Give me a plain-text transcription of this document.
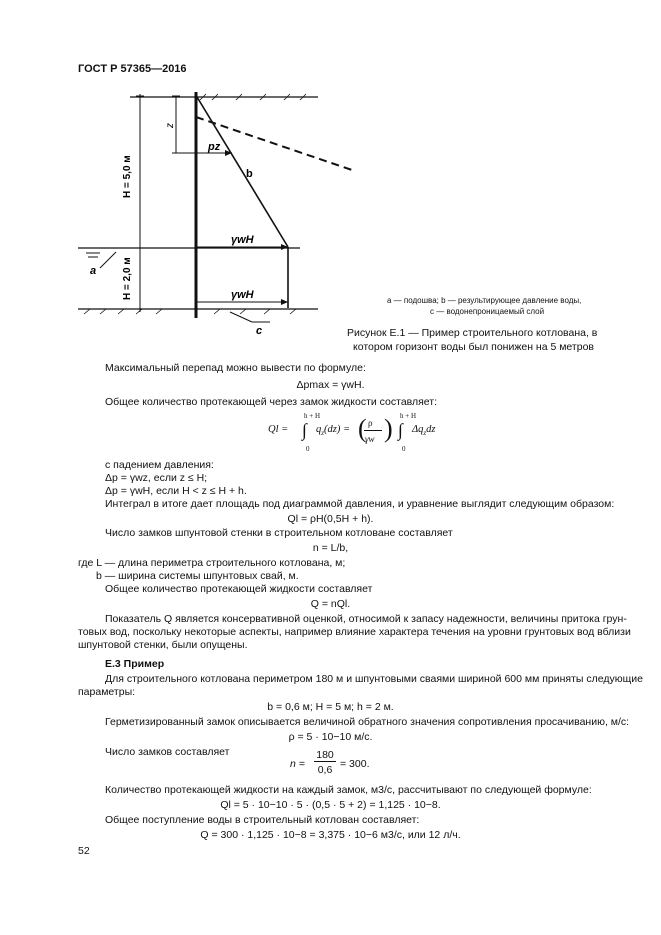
ГОСТ Р 57365—2016
z
pz
b
H = 5,0 м
γwH
a	H = 2,0 м	γwH
c
a — подошва; b — результирующее давление воды,
c — водонепроницаемый слой
Рисунок Е.1 — Пример строительного котлована, в
котором горизонт воды был понижен на 5 метров
Максимальный перепад можно вывести по формуле:
Δpmax = γwH.
Общее количество протекающей через замок жидкости составляет:
Ql =
h + H
∫
0
$q_z(dz)$ = ( ρ
γw ) h + H
∫
0
$\Delta q_zdz$
с падением давления:
Δp = γwz, если z ≤ H;
Δp = γwH, если H < z ≤ H + h.
Интеграл в итоге дает площадь под диаграммой давления, и уравнение выглядит следующим образом:
Ql = ρH(0,5H + h).
Число замков шпунтовой стенки в строительном котловане составляет
n = L/b,
где L — длина периметра строительного котлована, м;
b — ширина системы шпунтовых свай, м.
Общее количество протекающей жидкости составляет
Q = nQl.
Показатель Q является консервативной оценкой, относимой к запасу надежности, величины притока грун-
товых вод, поскольку некоторые аспекты, например влияние характера течения на уровни грунтовых вод вблизи
шпунтовой стенки, были опущены.
Е.3 Пример
Для строительного котлована периметром 180 м и шпунтовыми сваями шириной 600 мм приняты следующие
параметры:
b = 0,6 м; H = 5 м; h = 2 м.
Герметизированный замок описывается величиной обратного значения сопротивления просачиванию, м/с:
ρ = 5 · 10−10 м/с.
Число замков составляет
n =
180
0,6 = 300.
Количество протекающей жидкости на каждый замок, м3/с, рассчитывают по следующей формуле:
Ql = 5 · 10−10 · 5 · (0,5 · 5 + 2) = 1,125 · 10−8.
Общее поступление воды в строительный котлован составляет:
Q = 300 · 1,125 · 10−8 = 3,375 · 10−6 м3/с, или 12 л/ч.
52
